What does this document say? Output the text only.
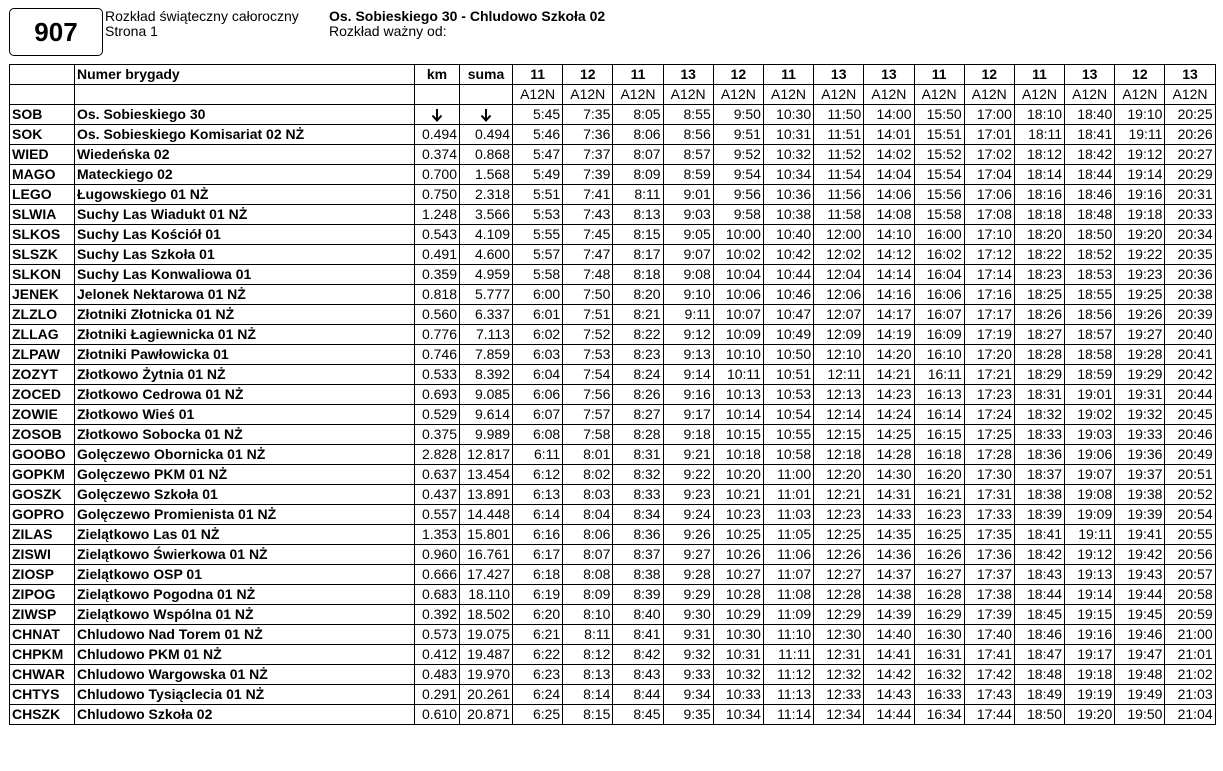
907
Rozkład świąteczny całoroczny
Strona 1
Os. Sobieskiego 30 - Chludowo Szkoła 02
Rozkład ważny od:
	Numer brygady	km	suma	11	12	11	13	12	11	13	13	11	12	11	13	12	13
				A12N	A12N	A12N	A12N	A12N	A12N	A12N	A12N	A12N	A12N	A12N	A12N	A12N	A12N
SOB	Os. Sobieskiego 30			5:45	7:35	8:05	8:55	9:50	10:30	11:50	14:00	15:50	17:00	18:10	18:40	19:10	20:25
SOK	Os. Sobieskiego Komisariat 02 NŻ	0.494	0.494	5:46	7:36	8:06	8:56	9:51	10:31	11:51	14:01	15:51	17:01	18:11	18:41	19:11	20:26
WIED	Wiedeńska 02	0.374	0.868	5:47	7:37	8:07	8:57	9:52	10:32	11:52	14:02	15:52	17:02	18:12	18:42	19:12	20:27
MAGO	Mateckiego 02	0.700	1.568	5:49	7:39	8:09	8:59	9:54	10:34	11:54	14:04	15:54	17:04	18:14	18:44	19:14	20:29
LEGO	Ługowskiego 01 NŻ	0.750	2.318	5:51	7:41	8:11	9:01	9:56	10:36	11:56	14:06	15:56	17:06	18:16	18:46	19:16	20:31
SLWIA	Suchy Las Wiadukt 01 NŻ	1.248	3.566	5:53	7:43	8:13	9:03	9:58	10:38	11:58	14:08	15:58	17:08	18:18	18:48	19:18	20:33
SLKOS	Suchy Las Kościół 01	0.543	4.109	5:55	7:45	8:15	9:05	10:00	10:40	12:00	14:10	16:00	17:10	18:20	18:50	19:20	20:34
SLSZK	Suchy Las Szkoła 01	0.491	4.600	5:57	7:47	8:17	9:07	10:02	10:42	12:02	14:12	16:02	17:12	18:22	18:52	19:22	20:35
SLKON	Suchy Las Konwaliowa 01	0.359	4.959	5:58	7:48	8:18	9:08	10:04	10:44	12:04	14:14	16:04	17:14	18:23	18:53	19:23	20:36
JENEK	Jelonek Nektarowa 01 NŻ	0.818	5.777	6:00	7:50	8:20	9:10	10:06	10:46	12:06	14:16	16:06	17:16	18:25	18:55	19:25	20:38
ZLZLO	Złotniki Złotnicka 01 NŻ	0.560	6.337	6:01	7:51	8:21	9:11	10:07	10:47	12:07	14:17	16:07	17:17	18:26	18:56	19:26	20:39
ZLLAG	Złotniki Łagiewnicka 01 NŻ	0.776	7.113	6:02	7:52	8:22	9:12	10:09	10:49	12:09	14:19	16:09	17:19	18:27	18:57	19:27	20:40
ZLPAW	Złotniki Pawłowicka 01	0.746	7.859	6:03	7:53	8:23	9:13	10:10	10:50	12:10	14:20	16:10	17:20	18:28	18:58	19:28	20:41
ZOZYT	Złotkowo Żytnia 01 NŻ	0.533	8.392	6:04	7:54	8:24	9:14	10:11	10:51	12:11	14:21	16:11	17:21	18:29	18:59	19:29	20:42
ZOCED	Złotkowo Cedrowa 01 NŻ	0.693	9.085	6:06	7:56	8:26	9:16	10:13	10:53	12:13	14:23	16:13	17:23	18:31	19:01	19:31	20:44
ZOWIE	Złotkowo Wieś 01	0.529	9.614	6:07	7:57	8:27	9:17	10:14	10:54	12:14	14:24	16:14	17:24	18:32	19:02	19:32	20:45
ZOSOB	Złotkowo Sobocka 01 NŻ	0.375	9.989	6:08	7:58	8:28	9:18	10:15	10:55	12:15	14:25	16:15	17:25	18:33	19:03	19:33	20:46
GOOBO	Golęczewo Obornicka 01 NŻ	2.828	12.817	6:11	8:01	8:31	9:21	10:18	10:58	12:18	14:28	16:18	17:28	18:36	19:06	19:36	20:49
GOPKM	Golęczewo PKM 01 NŻ	0.637	13.454	6:12	8:02	8:32	9:22	10:20	11:00	12:20	14:30	16:20	17:30	18:37	19:07	19:37	20:51
GOSZK	Golęczewo Szkoła 01	0.437	13.891	6:13	8:03	8:33	9:23	10:21	11:01	12:21	14:31	16:21	17:31	18:38	19:08	19:38	20:52
GOPRO	Golęczewo Promienista 01 NŻ	0.557	14.448	6:14	8:04	8:34	9:24	10:23	11:03	12:23	14:33	16:23	17:33	18:39	19:09	19:39	20:54
ZILAS	Zielątkowo Las 01 NŻ	1.353	15.801	6:16	8:06	8:36	9:26	10:25	11:05	12:25	14:35	16:25	17:35	18:41	19:11	19:41	20:55
ZISWI	Zielątkowo Świerkowa 01 NŻ	0.960	16.761	6:17	8:07	8:37	9:27	10:26	11:06	12:26	14:36	16:26	17:36	18:42	19:12	19:42	20:56
ZIOSP	Zielątkowo OSP 01	0.666	17.427	6:18	8:08	8:38	9:28	10:27	11:07	12:27	14:37	16:27	17:37	18:43	19:13	19:43	20:57
ZIPOG	Zielątkowo Pogodna 01 NŻ	0.683	18.110	6:19	8:09	8:39	9:29	10:28	11:08	12:28	14:38	16:28	17:38	18:44	19:14	19:44	20:58
ZIWSP	Zielątkowo Wspólna 01 NŻ	0.392	18.502	6:20	8:10	8:40	9:30	10:29	11:09	12:29	14:39	16:29	17:39	18:45	19:15	19:45	20:59
CHNAT	Chludowo Nad Torem 01 NŻ	0.573	19.075	6:21	8:11	8:41	9:31	10:30	11:10	12:30	14:40	16:30	17:40	18:46	19:16	19:46	21:00
CHPKM	Chludowo PKM 01 NŻ	0.412	19.487	6:22	8:12	8:42	9:32	10:31	11:11	12:31	14:41	16:31	17:41	18:47	19:17	19:47	21:01
CHWAR	Chludowo Wargowska 01 NŻ	0.483	19.970	6:23	8:13	8:43	9:33	10:32	11:12	12:32	14:42	16:32	17:42	18:48	19:18	19:48	21:02
CHTYS	Chludowo Tysiąclecia 01 NŻ	0.291	20.261	6:24	8:14	8:44	9:34	10:33	11:13	12:33	14:43	16:33	17:43	18:49	19:19	19:49	21:03
CHSZK	Chludowo Szkoła 02	0.610	20.871	6:25	8:15	8:45	9:35	10:34	11:14	12:34	14:44	16:34	17:44	18:50	19:20	19:50	21:04
